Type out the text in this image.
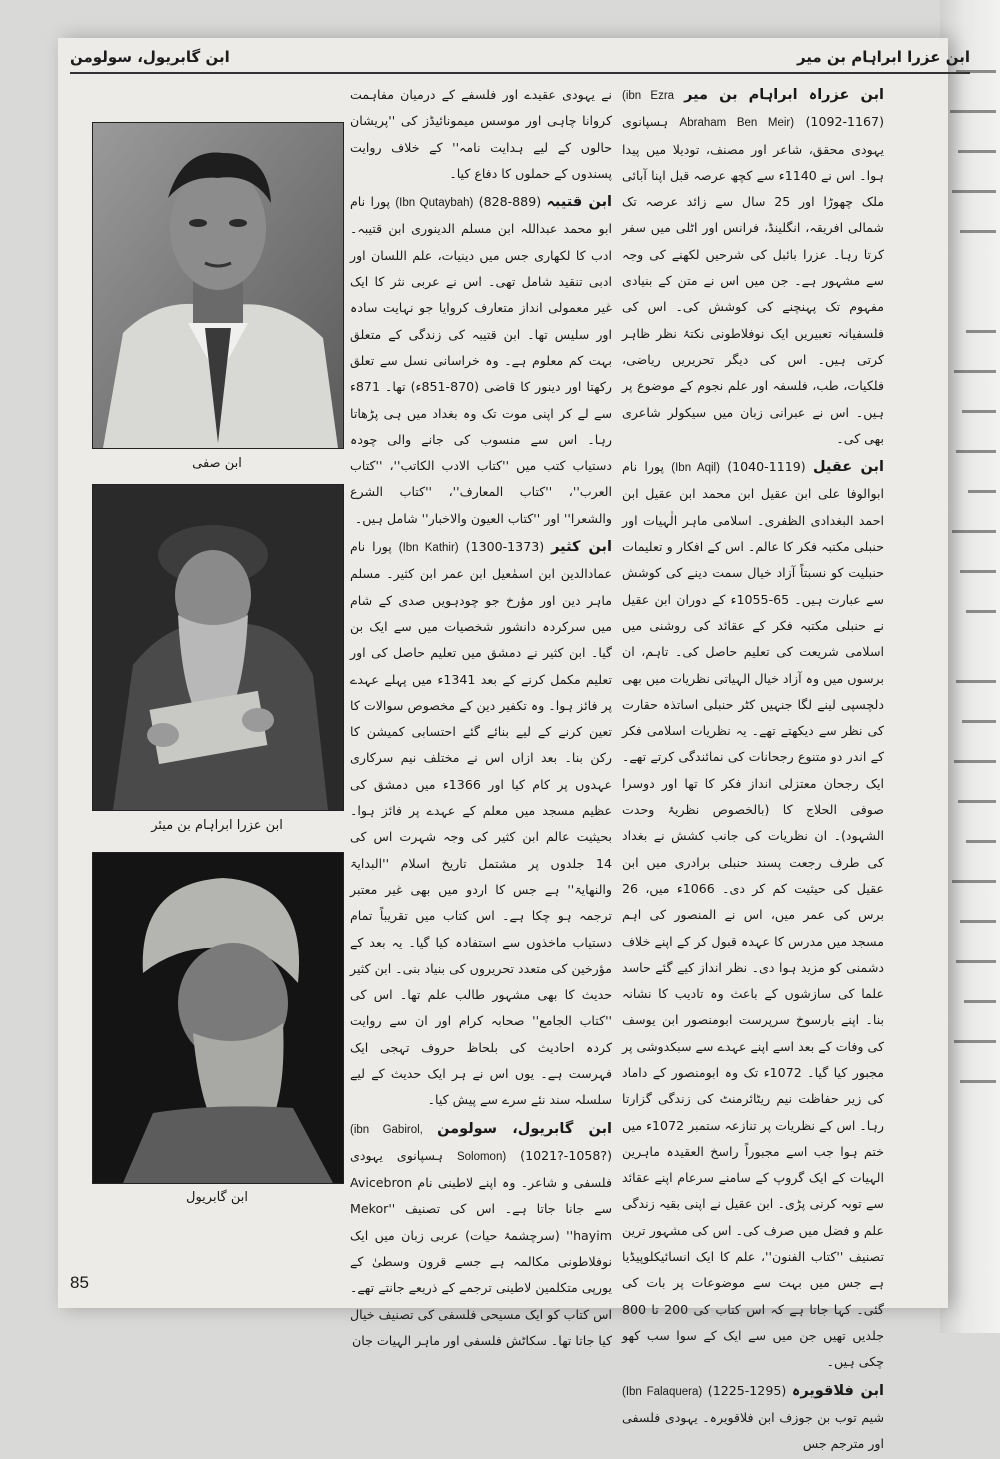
ابن عزرا ابراہام بن میر
ابن گابریول، سولومن

ابن عزراہ ابراہام بن میر (ibn Ezra Abraham Ben Meir) (1092-1167) ہسپانوی یہودی محقق، شاعر اور مصنف، تودیلا میں پیدا ہوا۔ اس نے 1140ء سے کچھ عرصہ قبل اپنا آبائی ملک چھوڑا اور 25 سال سے زائد عرصہ تک شمالی افریقہ، انگلینڈ، فرانس اور اٹلی میں سفر کرتا رہا۔ عزرا بائبل کی شرحیں لکھنے کی وجہ سے مشہور ہے۔ جن میں اس نے متن کے بنیادی مفہوم تک پہنچنے کی کوشش کی۔ اس کی فلسفیانہ تعبیریں ایک نوفلاطونی نکتۂ نظر ظاہر کرتی ہیں۔ اس کی دیگر تحریریں ریاضی، فلکیات، طب، فلسفہ اور علم نجوم کے موضوع پر ہیں۔ اس نے عبرانی زبان میں سیکولر شاعری بھی کی۔

ابن عقیل (Ibn Aqil) (1040-1119) پورا نام ابوالوفا علی ابن عقیل ابن محمد ابن عقیل ابن احمد البغدادی الظفری۔ اسلامی ماہر الٰہیات اور حنبلی مکتبہ فکر کا عالم۔ اس کے افکار و تعلیمات حنبلیت کو نسبتاً آزاد خیال سمت دینے کی کوشش سے عبارت ہیں۔ 65-1055ء کے دوران ابن عقیل نے حنبلی مکتبہ فکر کے عقائد کی روشنی میں اسلامی شریعت کی تعلیم حاصل کی۔ تاہم، ان برسوں میں وہ آزاد خیال الہیاتی نظریات میں بھی دلچسپی لینے لگا جنہیں کٹر حنبلی اساتذہ حقارت کی نظر سے دیکھتے تھے۔ یہ نظریات اسلامی فکر کے اندر دو متنوع رجحانات کی نمائندگی کرتے تھے۔ ایک رجحان معتزلی انداز فکر کا تھا اور دوسرا صوفی الحلاج کا (بالخصوص نظریۂ وحدت الشہود)۔ ان نظریات کی جانب کشش نے بغداد کی طرف رجعت پسند حنبلی برادری میں ابن عقیل کی حیثیت کم کر دی۔ 1066ء میں، 26 برس کی عمر میں، اس نے المنصور کی اہم مسجد میں مدرس کا عہدہ قبول کر کے اپنے خلاف دشمنی کو مزید ہوا دی۔ نظر انداز کیے گئے حاسد علما کی سازشوں کے باعث وہ تادیب کا نشانہ بنا۔ اپنے بارسوخ سرپرست ابومنصور ابن یوسف کی وفات کے بعد اسے اپنے عہدے سے سبکدوشی پر مجبور کیا گیا۔ 1072ء تک وہ ابومنصور کے داماد کی زیر حفاظت نیم ریٹائرمنٹ کی زندگی گزارتا رہا۔ اس کے نظریات پر تنازعہ ستمبر 1072ء میں ختم ہوا جب اسے مجبوراً راسخ العقیدہ ماہرین الہیات کے ایک گروپ کے سامنے سرعام اپنے عقائد سے توبہ کرنی پڑی۔ ابن عقیل نے اپنی بقیہ زندگی علم و فضل میں صرف کی۔ اس کی مشہور ترین تصنیف ''کتاب الفنون''، علم کا ایک انسائیکلوپیڈیا ہے جس میں بہت سے موضوعات پر بات کی گئی۔ کہا جاتا ہے کہ اس کتاب کی 200 تا 800 جلدیں تھیں جن میں سے ایک کے سوا سب کھو چکی ہیں۔

ابن فلاقویرہ (Ibn Falaquera) (1225-1295) شیم توب بن جوزف ابن فلاقویرہ۔ یہودی فلسفی اور مترجم جس

نے یہودی عقیدے اور فلسفے کے درمیان مفاہمت کروانا چاہی اور موسس میمونائیڈز کی ''پریشان حالوں کے لیے ہدایت نامہ'' کے خلاف روایت پسندوں کے حملوں کا دفاع کیا۔

ابن قتیبہ (Ibn Qutaybah) (828-889) پورا نام ابو محمد عبداللہ ابن مسلم الدینوری ابن قتیبہ۔ ادب کا لکھاری جس میں دینیات، علم اللسان اور ادبی تنقید شامل تھی۔ اس نے عربی نثر کا ایک غیر معمولی انداز متعارف کروایا جو نہایت سادہ اور سلیس تھا۔ ابن قتیبہ کی زندگی کے متعلق بہت کم معلوم ہے۔ وہ خراسانی نسل سے تعلق رکھتا اور دینور کا قاضی (870-851ء) تھا۔ 871ء سے لے کر اپنی موت تک وہ بغداد میں ہی پڑھاتا رہا۔ اس سے منسوب کی جانے والی چودہ دستیاب کتب میں ''کتاب الادب الکاتب''، ''کتاب العرب''، ''کتاب المعارف''، ''کتاب الشرع والشعرا'' اور ''کتاب العیون والاخبار'' شامل ہیں۔

ابن کثیر (Ibn Kathir) (1300-1373) پورا نام عمادالدین ابن اسمٰعیل ابن عمر ابن کثیر۔ مسلم ماہر دین اور مؤرخ جو چودہویں صدی کے شام میں سرکردہ دانشور شخصیات میں سے ایک بن گیا۔ ابن کثیر نے دمشق میں تعلیم حاصل کی اور تعلیم مکمل کرنے کے بعد 1341ء میں پہلے عہدے پر فائز ہوا۔ وہ تکفیر دین کے مخصوص سوالات کا تعین کرنے کے لیے بنائے گئے احتسابی کمیشن کا رکن بنا۔ بعد ازاں اس نے مختلف نیم سرکاری عہدوں پر کام کیا اور 1366ء میں دمشق کی عظیم مسجد میں معلم کے عہدے پر فائز ہوا۔ بحیثیت عالم ابن کثیر کی وجہ شہرت اس کی 14 جلدوں پر مشتمل تاریخ اسلام ''البدایۃ والنھایۃ'' ہے جس کا اردو میں بھی غیر معتبر ترجمہ ہو چکا ہے۔ اس کتاب میں تقریباً تمام دستیاب ماخذوں سے استفادہ کیا گیا۔ یہ بعد کے مؤرخین کی متعدد تحریروں کی بنیاد بنی۔ ابن کثیر حدیث کا بھی مشہور طالب علم تھا۔ اس کی ''کتاب الجامع'' صحابہ کرام اور ان سے روایت کردہ احادیث کی بلحاظ حروف تہجی ایک فہرست ہے۔ یوں اس نے ہر ایک حدیث کے لیے سلسلہ سند نئے سرے سے پیش کیا۔

ابن گابریول، سولومن (ibn Gabirol, Solomon) (1021?-1058?) ہسپانوی یہودی فلسفی و شاعر۔ وہ اپنے لاطینی نام Avicebron سے جانا جاتا ہے۔ اس کی تصنیف ''Mekor hayim'' (سرچشمۂ حیات) عربی زبان میں ایک نوفلاطونی مکالمہ ہے جسے قرون وسطیٰ کے یورپی متکلمین لاطینی ترجمے کے ذریعے جانتے تھے۔ اس کتاب کو ایک مسیحی فلسفی کی تصنیف خیال کیا جاتا تھا۔ سکاٹش فلسفی اور ماہر الہیات جان

ابن صفی
ابن عزرا ابراہام بن میئر
ابن گابریول
85
